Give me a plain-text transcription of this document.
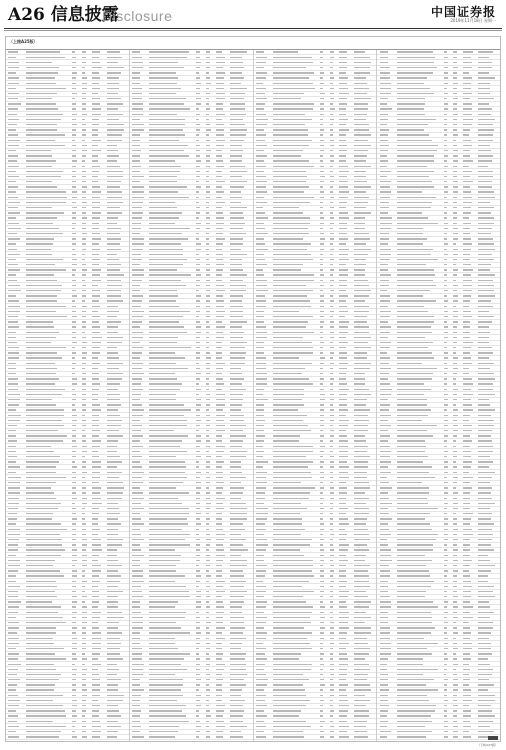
A26 信息披露
Disclosure	中国证券报
2019年11月18日 星期一
（上接A25版）
（下转A27版）
